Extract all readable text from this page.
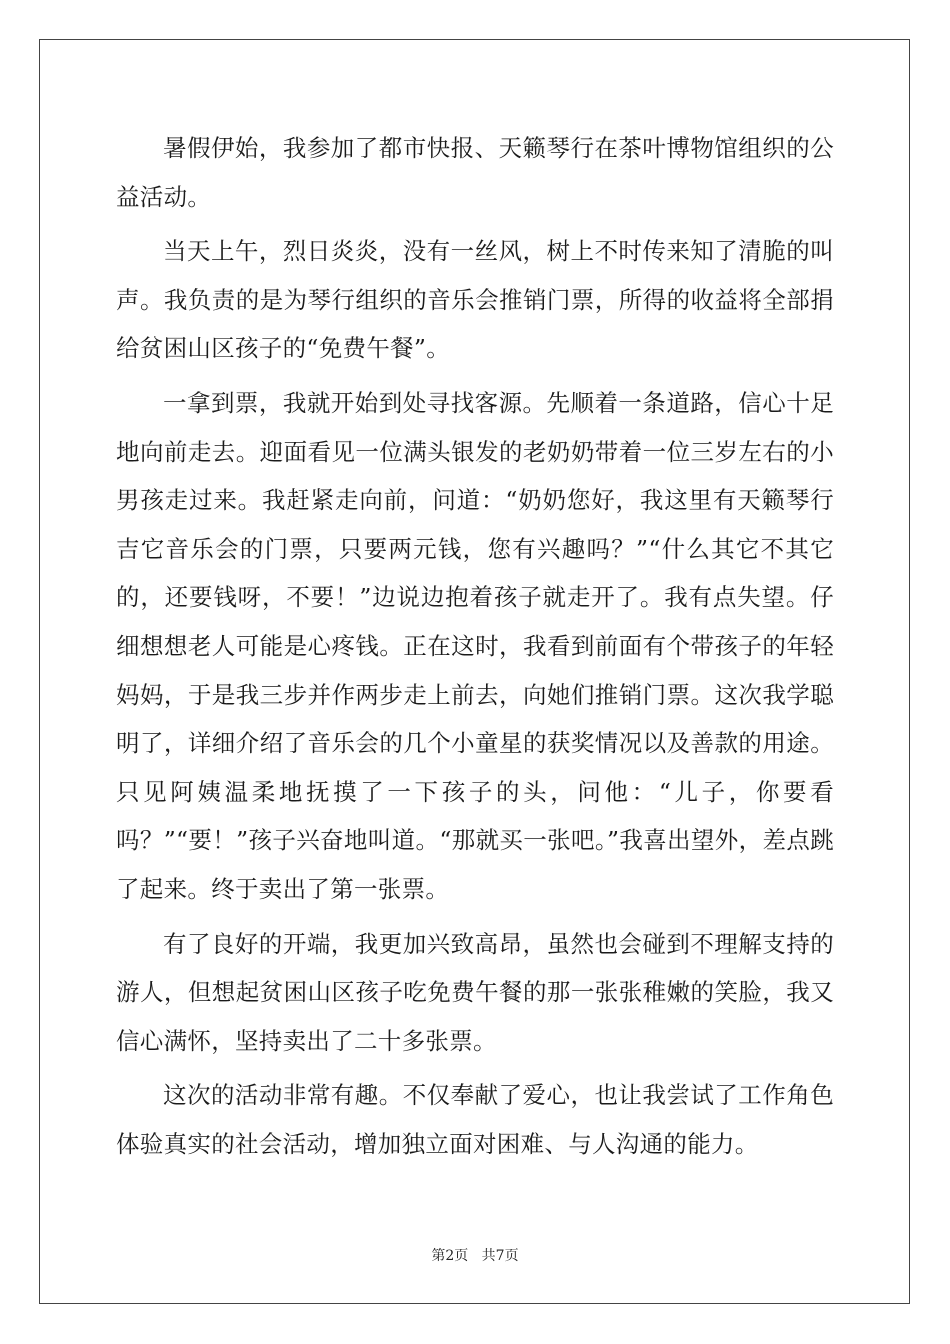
暑假伊始，我参加了都市快报、天籁琴行在茶叶博物馆组织的公益活动。

当天上午，烈日炎炎，没有一丝风，树上不时传来知了清脆的叫声。我负责的是为琴行组织的音乐会推销门票，所得的收益将全部捐给贫困山区孩子的“免费午餐”。

一拿到票，我就开始到处寻找客源。先顺着一条道路，信心十足地向前走去。迎面看见一位满头银发的老奶奶带着一位三岁左右的小男孩走过来。我赶紧走向前，问道：“奶奶您好，我这里有天籁琴行吉它音乐会的门票，只要两元钱，您有兴趣吗？”“什么其它不其它的，还要钱呀，不要！”边说边抱着孩子就走开了。我有点失望。仔细想想老人可能是心疼钱。正在这时，我看到前面有个带孩子的年轻妈妈，于是我三步并作两步走上前去，向她们推销门票。这次我学聪明了，详细介绍了音乐会的几个小童星的获奖情况以及善款的用途。只见阿姨温柔地抚摸了一下孩子的头，问他：“儿子，你要看吗？”“要！”孩子兴奋地叫道。“那就买一张吧。”我喜出望外，差点跳了起来。终于卖出了第一张票。

有了良好的开端，我更加兴致高昂，虽然也会碰到不理解支持的游人，但想起贫困山区孩子吃免费午餐的那一张张稚嫩的笑脸，我又信心满怀，坚持卖出了二十多张票。

这次的活动非常有趣。不仅奉献了爱心，也让我尝试了工作角色体验真实的社会活动，增加独立面对困难、与人沟通的能力。

第2页 共7页
